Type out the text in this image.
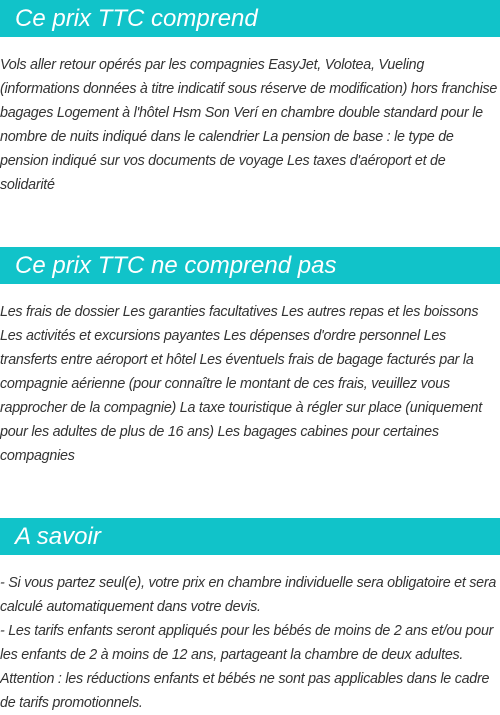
Ce prix TTC comprend
Vols aller retour opérés par les compagnies EasyJet, Volotea, Vueling (informations données à titre indicatif sous réserve de modification) hors franchise bagages Logement à l'hôtel Hsm Son Verí en chambre double standard pour le nombre de nuits indiqué dans le calendrier La pension de base : le type de pension indiqué sur vos documents de voyage Les taxes d'aéroport et de solidarité
Ce prix TTC ne comprend pas
Les frais de dossier Les garanties facultatives Les autres repas et les boissons Les activités et excursions payantes Les dépenses d'ordre personnel Les transferts entre aéroport et hôtel Les éventuels frais de bagage facturés par la compagnie aérienne (pour connaître le montant de ces frais, veuillez vous rapprocher de la compagnie) La taxe touristique à régler sur place (uniquement pour les adultes de plus de 16 ans) Les bagages cabines pour certaines compagnies
A savoir
- Si vous partez seul(e), votre prix en chambre individuelle sera obligatoire et sera calculé automatiquement dans votre devis.
- Les tarifs enfants seront appliqués pour les bébés de moins de 2 ans et/ou pour les enfants de 2 à moins de 12 ans, partageant la chambre de deux adultes.
Attention : les réductions enfants et bébés ne sont pas applicables dans le cadre de tarifs promotionnels.
